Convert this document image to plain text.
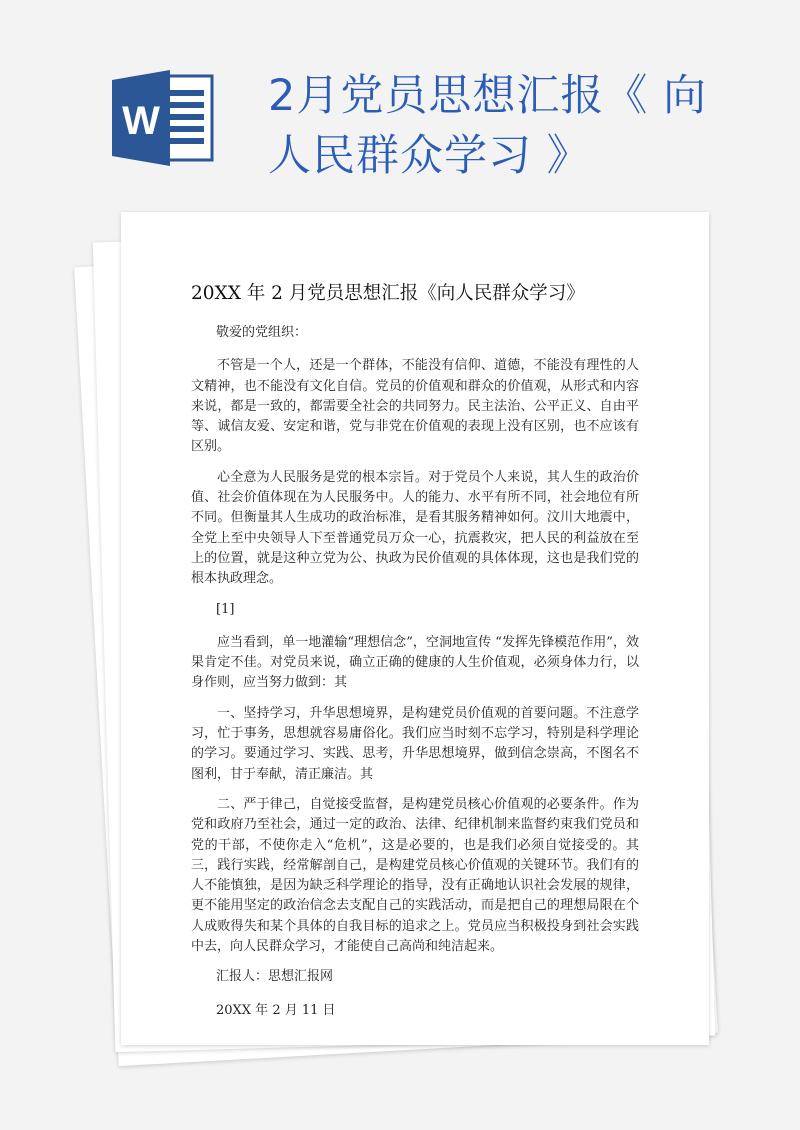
W	2月党员思想汇报《 向
人民群众学习 》
20XX 年 2 月党员思想汇报《向人民群众学习》

敬爱的党组织：

不管是一个人，还是一个群体，不能没有信仰、道德，不能没有理性的人文精神，也不能没有文化自信。党员的价值观和群众的价值观，从形式和内容来说，都是一致的，都需要全社会的共同努力。民主法治、公平正义、自由平等、诚信友爱、安定和谐，党与非党在价值观的表现上没有区别，也不应该有区别。

心全意为人民服务是党的根本宗旨。对于党员个人来说，其人生的政治价值、社会价值体现在为人民服务中。人的能力、水平有所不同，社会地位有所不同。但衡量其人生成功的政治标准，是看其服务精神如何。汶川大地震中，全党上至中央领导人下至普通党员万众一心，抗震救灾，把人民的利益放在至上的位置，就是这种立党为公、执政为民价值观的具体体现，这也是我们党的根本执政理念。

[1]

应当看到，单一地灌输“理想信念”，空洞地宣传 “发挥先锋模范作用”，效果肯定不佳。对党员来说，确立正确的健康的人生价值观，必须身体力行，以身作则，应当努力做到：其

一、坚持学习，升华思想境界，是构建党员价值观的首要问题。不注意学习，忙于事务，思想就容易庸俗化。我们应当时刻不忘学习，特别是科学理论的学习。要通过学习、实践、思考，升华思想境界，做到信念崇高，不图名不图利，甘于奉献，清正廉洁。其

二、严于律己，自觉接受监督，是构建党员核心价值观的必要条件。作为党和政府乃至社会，通过一定的政治、法律、纪律机制来监督约束我们党员和党的干部，不使你走入“危机”，这是必要的，也是我们必须自觉接受的。其三，践行实践，经常解剖自己，是构建党员核心价值观的关键环节。我们有的人不能慎独，是因为缺乏科学理论的指导，没有正确地认识社会发展的规律，更不能用坚定的政治信念去支配自己的实践活动，而是把自己的理想局限在个人成败得失和某个具体的自我目标的追求之上。党员应当积极投身到社会实践中去，向人民群众学习，才能使自己高尚和纯洁起来。

汇报人：思想汇报网

20XX 年 2 月 11 日
